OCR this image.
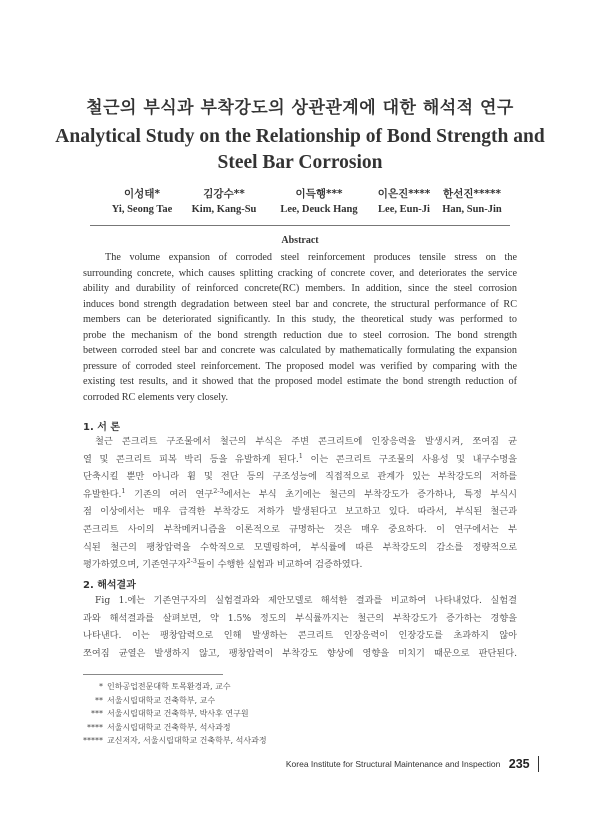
철근의 부식과 부착강도의 상관관계에 대한 해석적 연구
Analytical Study on the Relationship of Bond Strength and
Steel Bar Corrosion
이성태*
Yi, Seong Tae
김강수**
Kim, Kang-Su
이득행***
Lee, Deuck Hang
이은진****
Lee, Eun-Ji
한선진*****
Han, Sun-Jin
Abstract
The volume expansion of corroded steel reinforcement produces tensile stress on the
surrounding concrete, which causes splitting cracking of concrete cover, and deteriorates the service
ability and durability of reinforced concrete(RC) members. In addition, since the steel corrosion
induces bond strength degradation between steel bar and concrete, the structural performance of RC
members can be deteriorated significantly. In this study, the theoretical study was performed to
probe the mechanism of the bond strength reduction due to steel corrosion. The bond strength
between corroded steel bar and concrete was calculated by mathematically formulating the expansion
pressure of corroded steel reinforcement. The proposed model was verified by comparing with the
existing test results, and it showed that the proposed model estimate the bond strength reduction of
corroded RC elements very closely.
1. 서 론
철근 콘크리트 구조물에서 철근의 부식은 주변 콘크리트에 인장응력을 발생시켜, 쪼여짐 균
열 및 콘크리트 피복 박리 등을 유발하게 된다.$^1$ 이는 콘크리트 구조물의 사용성 및 내구수명을
단축시킬 뿐만 아니라 휨 및 전단 등의 구조성능에 직접적으로 관계가 있는 부착강도의 저하를
유발한다.$^1$ 기존의 여러 연구$^{2-3}$에서는 부식 초기에는 철근의 부착강도가 증가하나, 특정 부식시
점 이상에서는 매우 급격한 부착강도 저하가 발생된다고 보고하고 있다. 따라서, 부식된 철근과
콘크리트 사이의 부착메커니즘을 이론적으로 규명하는 것은 매우 중요하다. 이 연구에서는 부
식된 철근의 팽창압력을 수학적으로 모델링하여, 부식률에 따른 부착강도의 감소를 정량적으로
평가하였으며, 기존연구자$^{2-3}$들이 수행한 실험과 비교하여 검증하였다.
2. 해석결과
Fig 1.에는 기존연구자의 실험결과와 제안모델로 해석한 결과를 비교하여 나타내었다. 실험결
과와 해석결과를 살펴보면, 약 1.5% 정도의 부식률까지는 철근의 부착강도가 증가하는 경향을
나타낸다. 이는 팽창압력으로 인해 발생하는 콘크리트 인장응력이 인장강도를 초과하지 않아
쪼여짐 균열은 발생하지 않고, 팽창압력이 부착강도 향상에 영향을 미치기 때문으로 판단된다.
* 인하공업전문대학 토목환경과, 교수
** 서울시립대학교 건축학부, 교수
*** 서울시립대학교 건축학부, 박사후 연구원
**** 서울시립대학교 건축학부, 석사과정
***** 교신저자, 서울시립대학교 건축학부, 석사과정
Korea Institute for Structural Maintenance and Inspection 235
